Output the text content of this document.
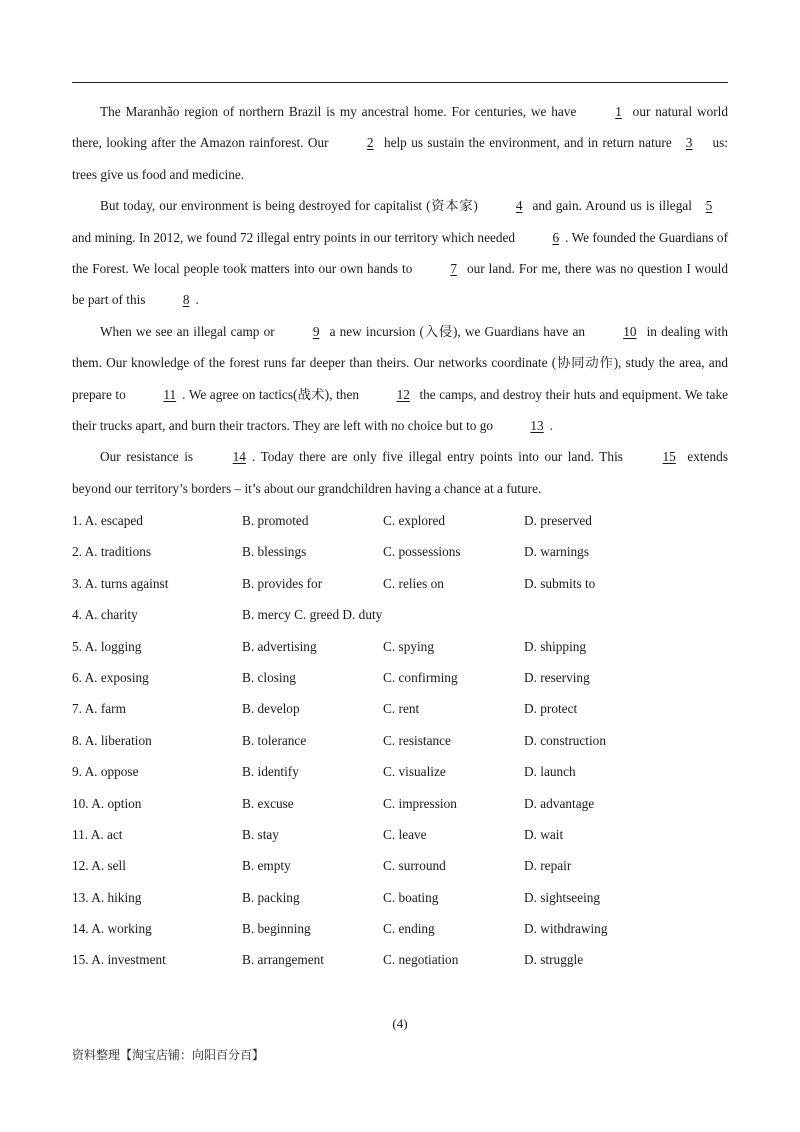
The Maranhão region of northern Brazil is my ancestral home. For centuries, we have	1 our natural world there, looking after the Amazon rainforest. Our	2 help us sustain the environment, and in return nature 3 us: trees give us food and medicine.

But today, our environment is being destroyed for capitalist (资本家)	4 and gain. Around us is illegal 5 and mining. In 2012, we found 72 illegal entry points in our territory which needed	6 . We founded the Guardians of the Forest. We local people took matters into our own hands to	7 our land. For me, there was no question I would be part of this	8 .

When we see an illegal camp or	9 a new incursion (入侵), we Guardians have an	10 in dealing with them. Our knowledge of the forest runs far deeper than theirs. Our networks coordinate (协同动作), study the area, and prepare to	11 . We agree on tactics(战术), then	12 the camps, and destroy their huts and equipment. We take their trucks apart, and burn their tractors. They are left with no choice but to go	13 .

Our resistance is	14 . Today there are only five illegal entry points into our land. This	15 extends beyond our territory’s borders – it’s about our grandchildren having a chance at a future.

1. A. escaped	B. promoted	C. explored	D. preserved
2. A. traditions	B. blessings	C. possessions	D. warnings
3. A. turns against	B. provides for	C. relies on	D. submits to
4. A. charity	B. mercy C. greed D. duty
5. A. logging	B. advertising	C. spying	D. shipping
6. A. exposing	B. closing	C. confirming	D. reserving
7. A. farm	B. develop	C. rent	D. protect
8. A. liberation	B. tolerance	C. resistance	D. construction
9. A. oppose	B. identify	C. visualize	D. launch
10. A. option	B. excuse	C. impression	D. advantage
11. A. act	B. stay	C. leave	D. wait
12. A. sell	B. empty	C. surround	D. repair
13. A. hiking	B. packing	C. boating	D. sightseeing
14. A. working	B. beginning	C. ending	D. withdrawing
15. A. investment	B. arrangement	C. negotiation	D. struggle
(4)
资料整理【淘宝店铺：向阳百分百】
